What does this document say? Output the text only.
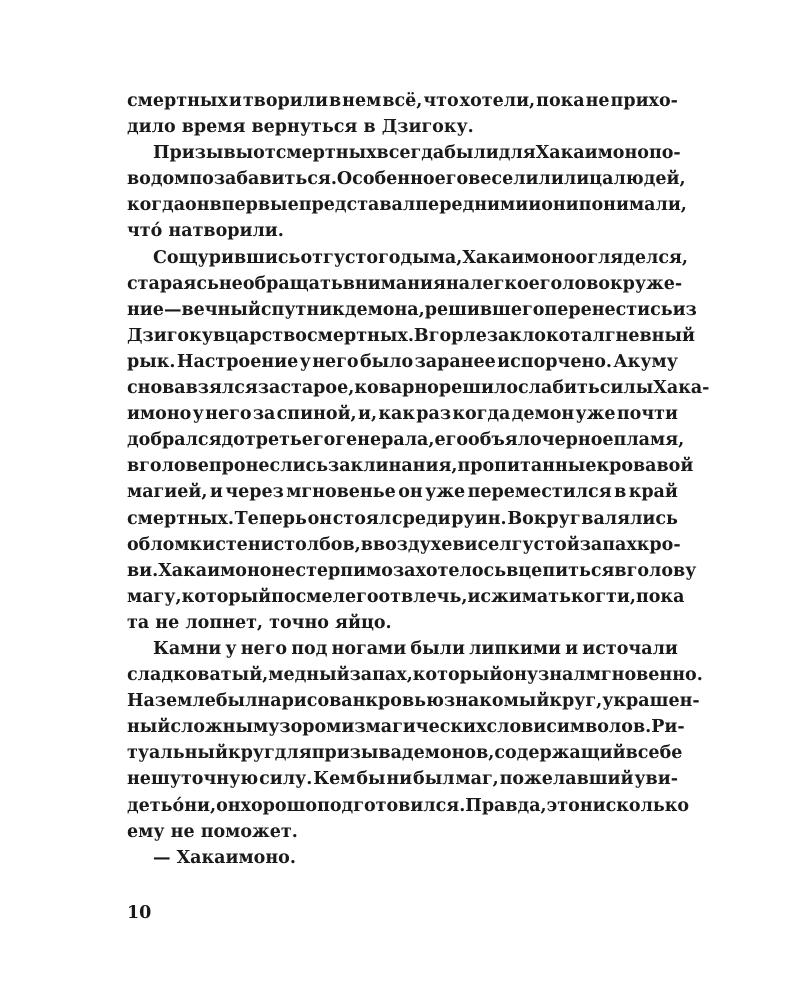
смертных и творили в нем всё, что хотели, пока не прихо-
дило
время
вернуться
в
Дзигоку.
Призывы от смертных всегда были для Хакаимоно по-
водом позабавиться. Особенно его веселили лица людей,
когда он впервые представал перед ними и они понимали,
чтó
натворили.
Сощурившись от густого дыма, Хакаимоно огляделся,
стараясь не обращать внимания на легкое головокруже-
ние — вечный спутник демона, решившего перенестись из
Дзигоку в царство смертных. В горле заклокотал гневный
рык. Настроение у него было заранее испорчено. Акуму
снова взялся за старое, коварно решил ослабить силы Хака-
имоно у него за спиной, и, как раз когда демон уже почти
добрался до третьего генерала, его объяло черное пламя,
в голове пронеслись заклинания, пропитанные кровавой
магией, и через мгновенье он уже переместился в край
смертных. Теперь он стоял среди руин. Вокруг валялись
обломки стен и столбов, в воздухе висел густой запах кро-
ви. Хакаимоно нестерпимо захотелось вцепиться в голову
магу, который посмел его отвлечь, и сжимать когти, пока
та
не
лопнет,
точно
яйцо.
Камни у него под ногами были липкими и источали
сладковатый, медный запах, который он узнал мгновенно.
На земле был нарисован кровью знакомый круг, украшен-
ный сложным узором из магических слов и символов. Ри-
туальный круг для призыва демонов, содержащий в себе
нешуточную силу. Кем бы ни был маг, пожелавший уви-
деть óни, он хорошо подготовился. Правда, это нисколько
ему
не
поможет.
—
Хакаимоно.
10
